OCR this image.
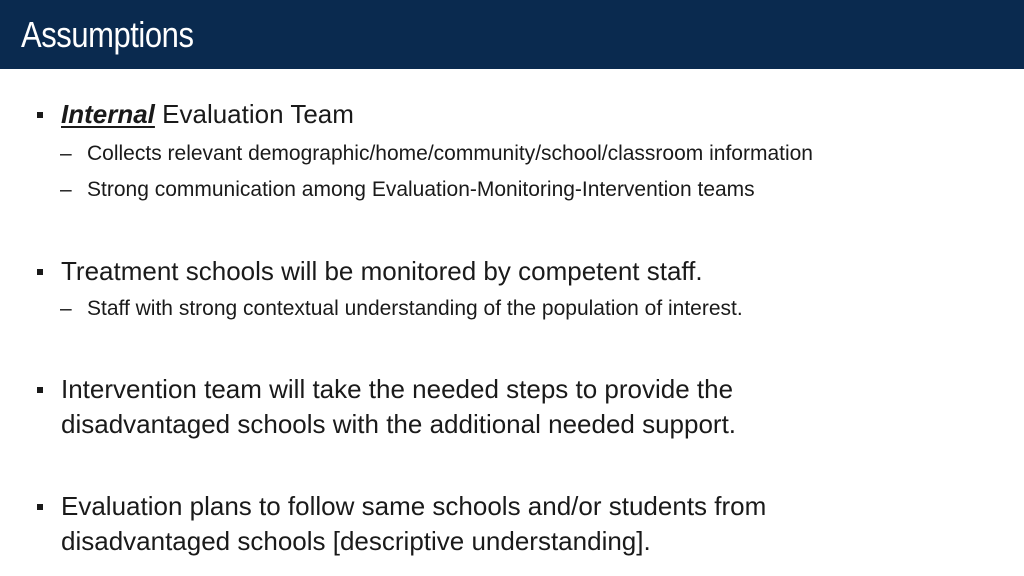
Assumptions
Internal Evaluation Team
– Collects relevant demographic/home/community/school/classroom information
– Strong communication among Evaluation-Monitoring-Intervention teams
Treatment schools will be monitored by competent staff.
– Staff with strong contextual understanding of the population of interest.
Intervention team will take the needed steps to provide the
disadvantaged schools with the additional needed support.
Evaluation plans to follow same schools and/or students from
disadvantaged schools [descriptive understanding].
